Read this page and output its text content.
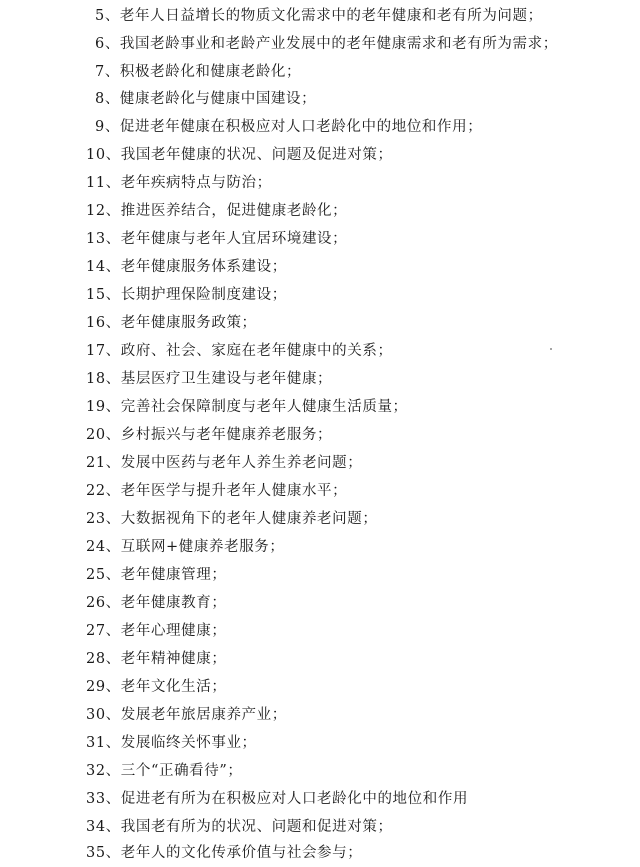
5、老年人日益增长的物质文化需求中的老年健康和老有所为问题；
6、我国老龄事业和老龄产业发展中的老年健康需求和老有所为需求；
7、积极老龄化和健康老龄化；
8、健康老龄化与健康中国建设；
9、促进老年健康在积极应对人口老龄化中的地位和作用；
10、我国老年健康的状况、问题及促进对策；
11、老年疾病特点与防治；
12、推进医养结合，促进健康老龄化；
13、老年健康与老年人宜居环境建设；
14、老年健康服务体系建设；
15、长期护理保险制度建设；
16、老年健康服务政策；
17、政府、社会、家庭在老年健康中的关系；
18、基层医疗卫生建设与老年健康；
19、完善社会保障制度与老年人健康生活质量；
20、乡村振兴与老年健康养老服务；
21、发展中医药与老年人养生养老问题；
22、老年医学与提升老年人健康水平；
23、大数据视角下的老年人健康养老问题；
24、互联网+健康养老服务；
25、老年健康管理；
26、老年健康教育；
27、老年心理健康；
28、老年精神健康；
29、老年文化生活；
30、发展老年旅居康养产业；
31、发展临终关怀事业；
32、三个“正确看待”；
33、促进老有所为在积极应对人口老龄化中的地位和作用
34、我国老有所为的状况、问题和促进对策；
35、老年人的文化传承价值与社会参与；
